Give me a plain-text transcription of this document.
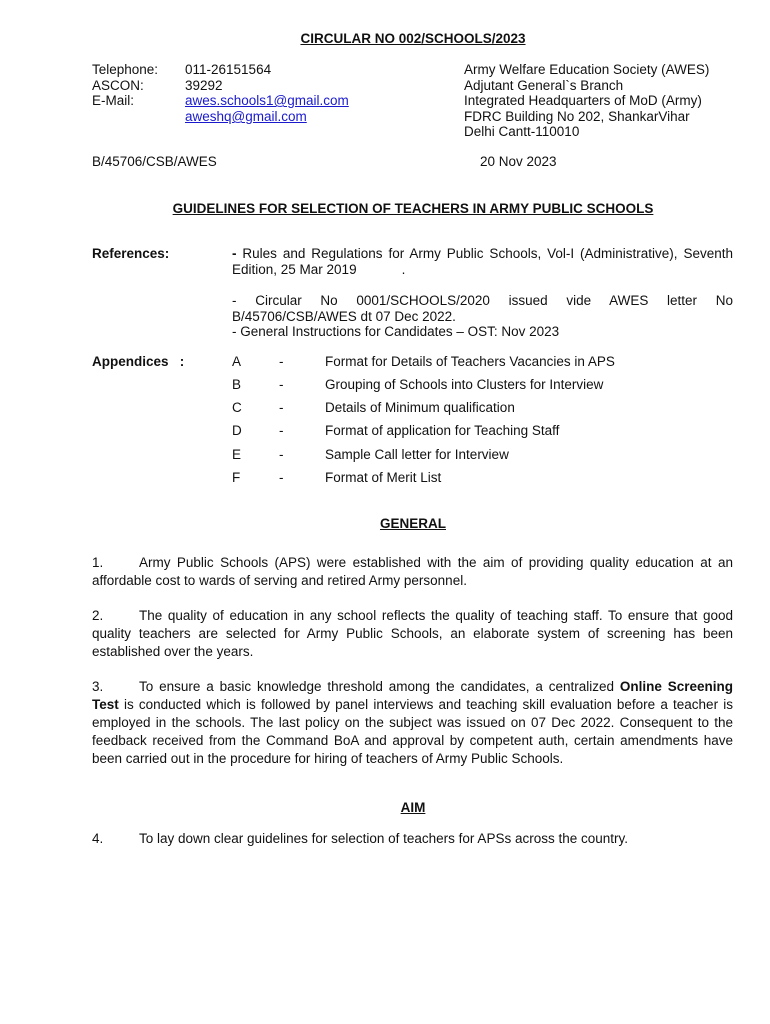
CIRCULAR NO 002/SCHOOLS/2023
Telephone: 011-26151564
ASCON:	39292
E-Mail:	awes.schools1@gmail.com
aweshq@gmail.com
Army Welfare Education Society (AWES)
Adjutant General`s Branch
Integrated Headquarters of MoD (Army)
FDRC Building No 202, ShankarVihar
Delhi Cantt-110010
B/45706/CSB/AWES	20 Nov 2023
GUIDELINES FOR SELECTION OF TEACHERS IN ARMY PUBLIC SCHOOLS
References:	- Rules and Regulations for Army Public Schools, Vol-I (Administrative), Seventh Edition, 25 Mar 2019            .
- Circular No 0001/SCHOOLS/2020 issued vide AWES letter No B/45706/CSB/AWES dt 07 Dec 2022.
- General Instructions for Candidates – OST: Nov 2023
Appendices   :	A	-	Format for Details of Teachers Vacancies in APS
B	-	Grouping of Schools into Clusters for Interview
C	-	Details of Minimum qualification
D	-	Format of application for Teaching Staff
E	-	Sample Call letter for Interview
F	-	Format of Merit List
GENERAL
1.	Army Public Schools (APS) were established with the aim of providing quality education at an affordable cost to wards of serving and retired Army personnel.
2.	The quality of education in any school reflects the quality of teaching staff. To ensure that good quality teachers are selected for Army Public Schools, an elaborate system of screening has been established over the years.
3.	To ensure a basic knowledge threshold among the candidates, a centralized Online Screening Test is conducted which is followed by panel interviews and teaching skill evaluation before a teacher is employed in the schools. The last policy on the subject was issued on 07 Dec 2022. Consequent to the feedback received from the Command BoA and approval by competent auth, certain amendments have been carried out in the procedure for hiring of teachers of Army Public Schools.
AIM
4.	To lay down clear guidelines for selection of teachers for APSs across the country.
